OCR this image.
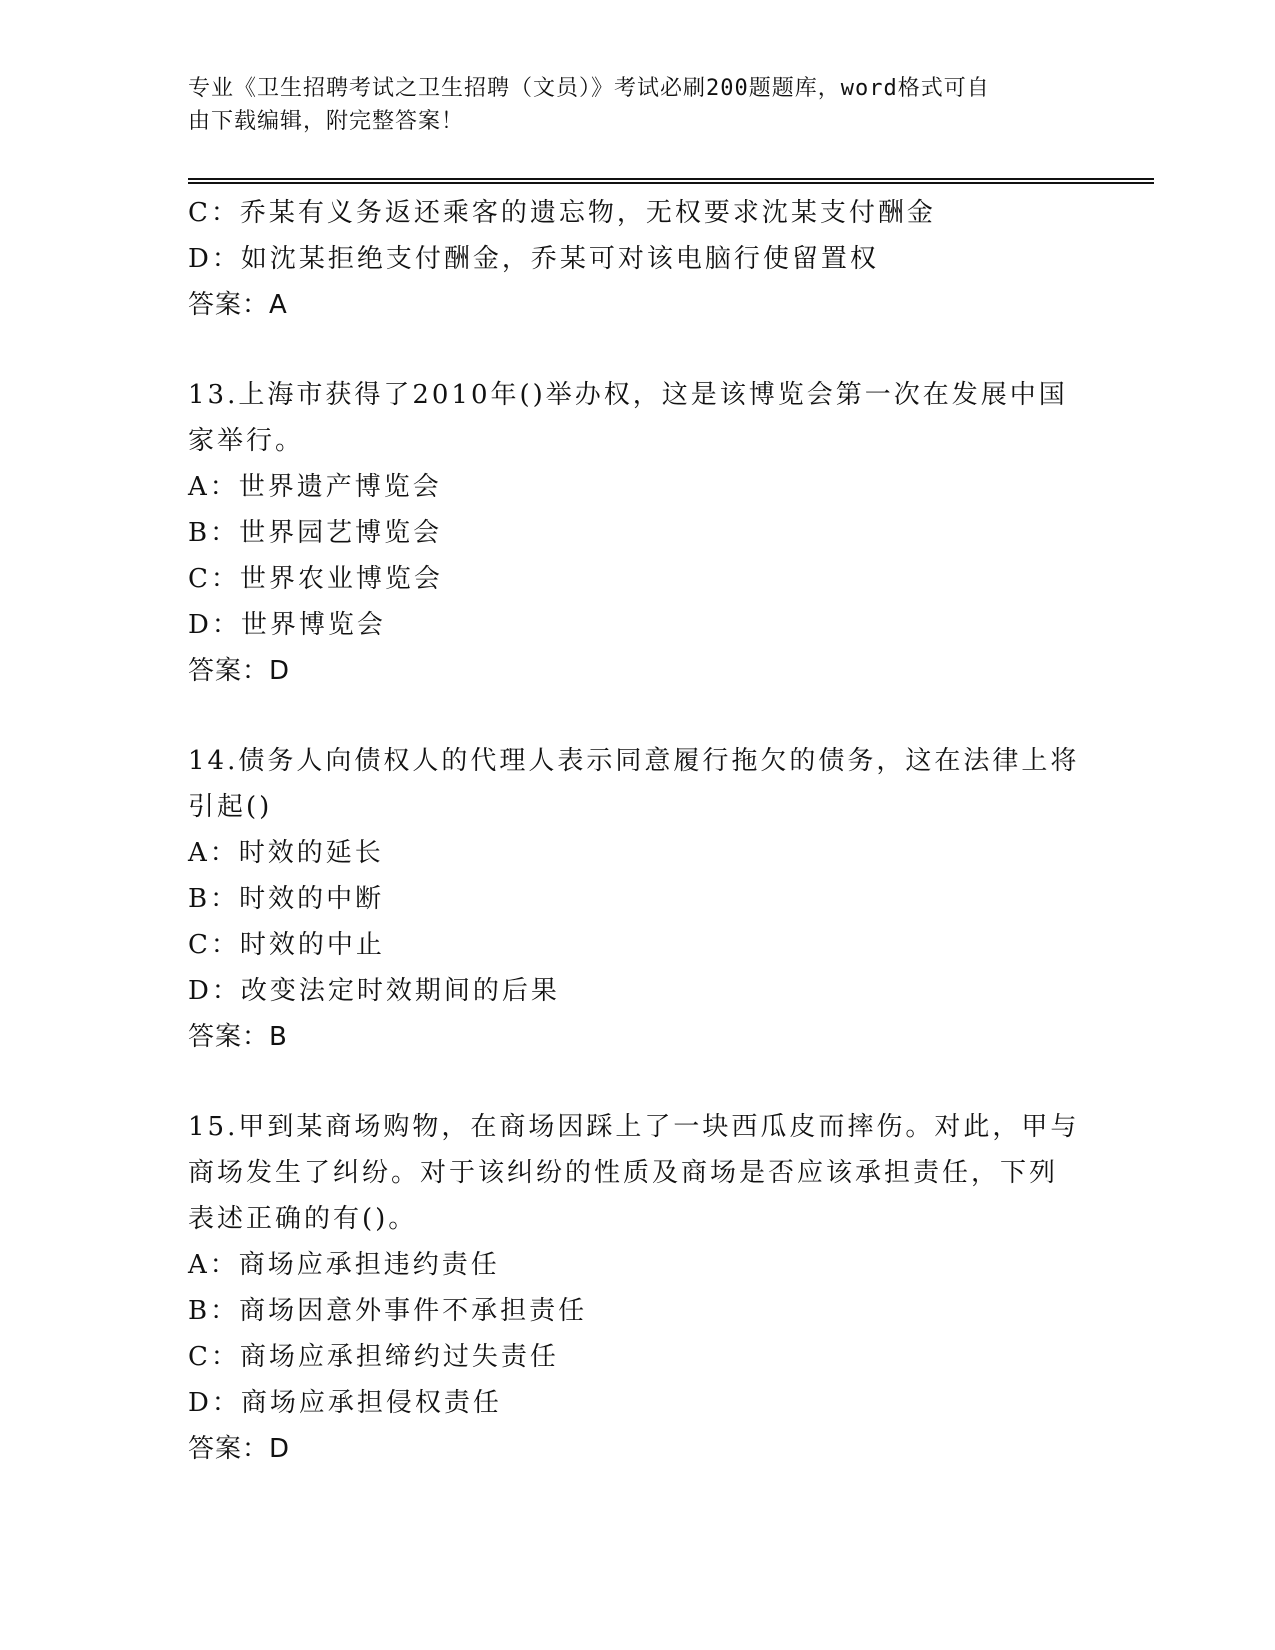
专业《卫生招聘考试之卫生招聘（文员）》考试必刷200题题库，word格式可自
由下载编辑，附完整答案！
C：乔某有义务返还乘客的遗忘物，无权要求沈某支付酬金
D：如沈某拒绝支付酬金，乔某可对该电脑行使留置权
答案：A
13.上海市获得了2010年()举办权，这是该博览会第一次在发展中国
家举行。
A：世界遗产博览会
B：世界园艺博览会
C：世界农业博览会
D：世界博览会
答案：D
14.债务人向债权人的代理人表示同意履行拖欠的债务，这在法律上将
引起()
A：时效的延长
B：时效的中断
C：时效的中止
D：改变法定时效期间的后果
答案：B
15.甲到某商场购物，在商场因踩上了一块西瓜皮而摔伤。对此，甲与
商场发生了纠纷。对于该纠纷的性质及商场是否应该承担责任，下列
表述正确的有()。
A：商场应承担违约责任
B：商场因意外事件不承担责任
C：商场应承担缔约过失责任
D：商场应承担侵权责任
答案：D
